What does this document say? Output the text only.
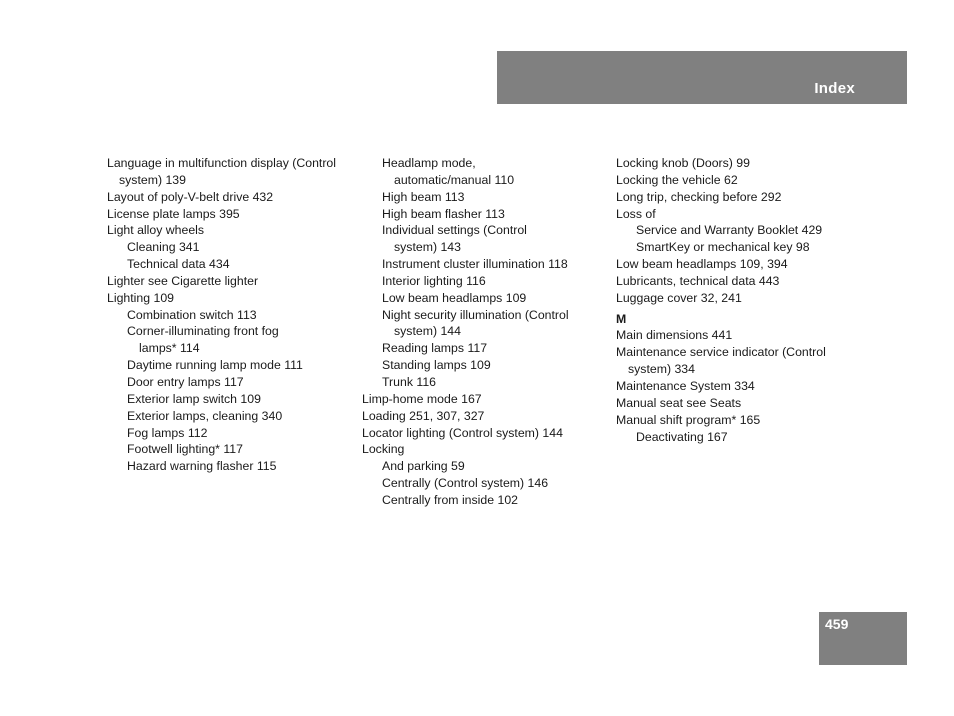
Index
Language in multifunction display (Control
system) 139
Layout of poly-V-belt drive 432
License plate lamps 395
Light alloy wheels
Cleaning 341
Technical data 434
Lighter see Cigarette lighter
Lighting 109
Combination switch 113
Corner-illuminating front fog
lamps* 114
Daytime running lamp mode 111
Door entry lamps 117
Exterior lamp switch 109
Exterior lamps, cleaning 340
Fog lamps 112
Footwell lighting* 117
Hazard warning flasher 115
Headlamp mode,
automatic/manual 110
High beam 113
High beam flasher 113
Individual settings (Control
system) 143
Instrument cluster illumination 118
Interior lighting 116
Low beam headlamps 109
Night security illumination (Control
system) 144
Reading lamps 117
Standing lamps 109
Trunk 116
Limp-home mode 167
Loading 251, 307, 327
Locator lighting (Control system) 144
Locking
And parking 59
Centrally (Control system) 146
Centrally from inside 102
Locking knob (Doors) 99
Locking the vehicle 62
Long trip, checking before 292
Loss of
Service and Warranty Booklet 429
SmartKey or mechanical key 98
Low beam headlamps 109, 394
Lubricants, technical data 443
Luggage cover 32, 241
M
Main dimensions 441
Maintenance service indicator (Control
system) 334
Maintenance System 334
Manual seat see Seats
Manual shift program* 165
Deactivating 167
459
